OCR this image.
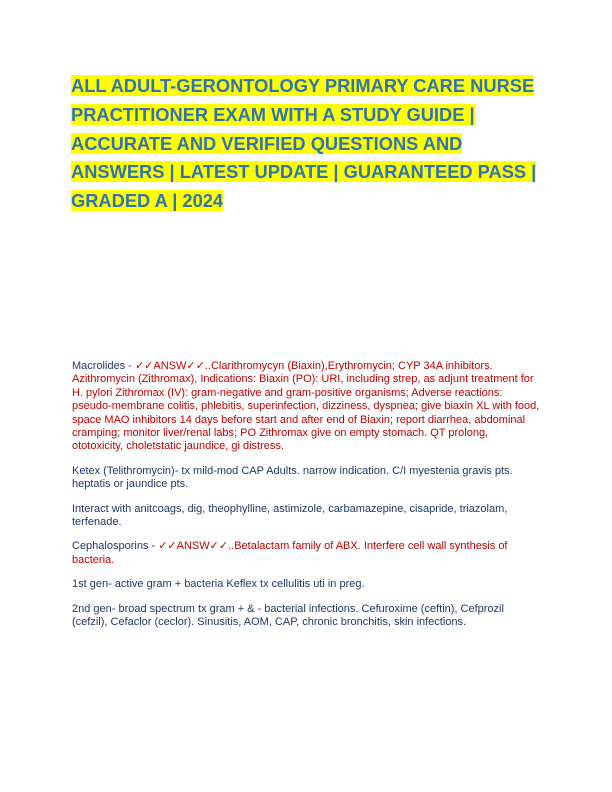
ALL ADULT-GERONTOLOGY PRIMARY CARE NURSE PRACTITIONER EXAM WITH A STUDY GUIDE | ACCURATE AND VERIFIED QUESTIONS AND ANSWERS | LATEST UPDATE | GUARANTEED PASS | GRADED A | 2024

Macrolides - ✓✓ANSW✓✓..Clarithromycyn (Biaxin),Erythromycin; CYP 34A inhibitors. Azithromycin (Zithromax), Indications: Biaxin (PO): URI, including strep, as adjunt treatment for H. pylori Zithromax (IV): gram-negative and gram-positive organisms; Adverse reactions: pseudo-membrane colitis, phlebitis, superinfection, dizziness, dyspnea; give biaxin XL with food, space MAO inhibitors 14 days before start and after end of Biaxin; report diarrhea, abdominal cramping; monitor liver/renal labs; PO Zithromax give on empty stomach. QT prolong, ototoxicity, choletstatic jaundice, gi distress.

Ketex (Telithromycin)- tx mild-mod CAP Adults. narrow indication. C/I myestenia gravis pts. heptatis or jaundice pts.

Interact with anitcoags, dig, theophylline, astimizole, carbamazepine, cisapride, triazolam, terfenade.

Cephalosporins - ✓✓ANSW✓✓..Betalactam family of ABX. Interfere cell wall synthesis of bacteria.

1st gen- active gram + bacteria Keflex tx cellulitis uti in preg.

2nd gen- broad spectrum tx gram + & - bacterial infections. Cefuroxime (ceftin), Cefprozil (cefzil), Cefaclor (ceclor). Sinusitis, AOM, CAP, chronic bronchitis, skin infections.
